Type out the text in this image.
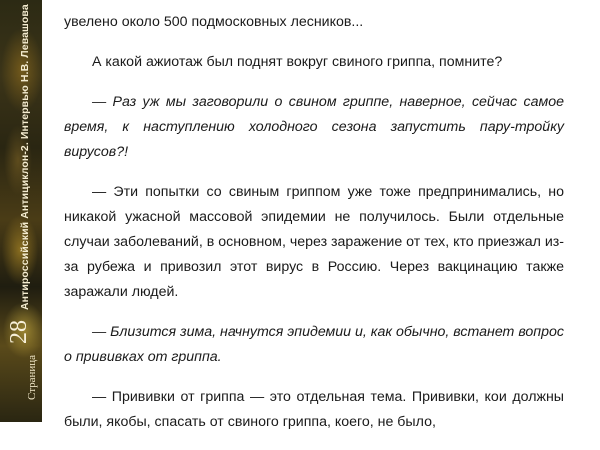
Антироссийский Антициклон-2. Интервью Н.В. Левашова
28
Страница

увелено около 500 подмосковных лесников...

А какой ажиотаж был поднят вокруг свиного гриппа, помните?

— Раз уж мы заговорили о свином гриппе, наверное, сейчас самое время, к наступлению холодного сезона запустить пару-тройку вирусов?!

— Эти попытки со свиным гриппом уже тоже предпринимались, но никакой ужасной массовой эпидемии не получилось. Были отдельные случаи заболеваний, в основном, через заражение от тех, кто приезжал из-за рубежа и привозил этот вирус в Россию. Через вакцинацию также заражали людей.

— Близится зима, начнутся эпидемии и, как обычно, встанет вопрос о прививках от гриппа.

— Прививки от гриппа — это отдельная тема. Прививки, кои должны были, якобы, спасать от свиного гриппа, коего, не было,
